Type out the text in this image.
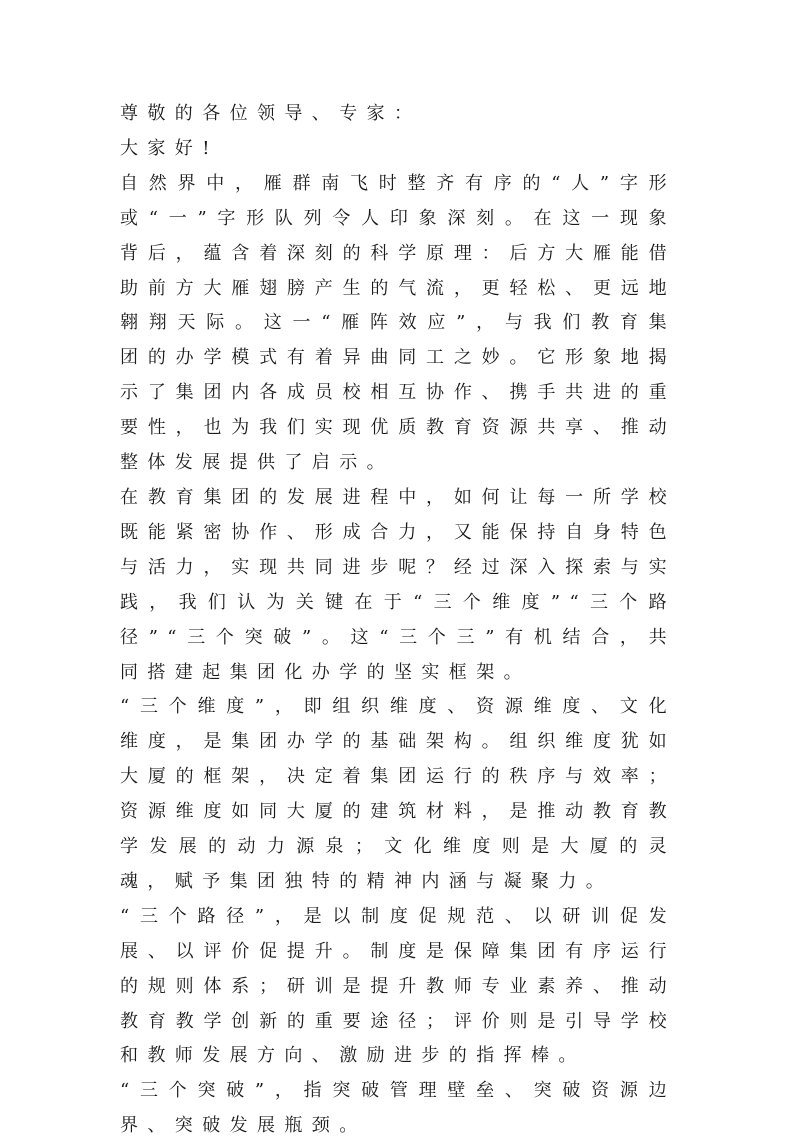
尊敬的各位领导、专家：

大家好!

自然界中，雁群南飞时整齐有序的“人”字形或“一”字形队列令人印象深刻。在这一现象背后，蕴含着深刻的科学原理：后方大雁能借助前方大雁翅膀产生的气流，更轻松、更远地翱翔天际。这一“雁阵效应”，与我们教育集团的办学模式有着异曲同工之妙。它形象地揭示了集团内各成员校相互协作、携手共进的重要性，也为我们实现优质教育资源共享、推动整体发展提供了启示。

在教育集团的发展进程中，如何让每一所学校既能紧密协作、形成合力，又能保持自身特色与活力，实现共同进步呢？经过深入探索与实践，我们认为关键在于“三个维度”“三个路径”“三个突破”。这“三个三”有机结合，共同搭建起集团化办学的坚实框架。

“三个维度”，即组织维度、资源维度、文化维度，是集团办学的基础架构。组织维度犹如大厦的框架，决定着集团运行的秩序与效率；资源维度如同大厦的建筑材料，是推动教育教学发展的动力源泉；文化维度则是大厦的灵魂，赋予集团独特的精神内涵与凝聚力。

“三个路径”，是以制度促规范、以研训促发展、以评价促提升。制度是保障集团有序运行的规则体系；研训是提升教师专业素养、推动教育教学创新的重要途径；评价则是引导学校和教师发展方向、激励进步的指挥棒。

“三个突破”，指突破管理壁垒、突破资源边界、突破发展瓶颈。
